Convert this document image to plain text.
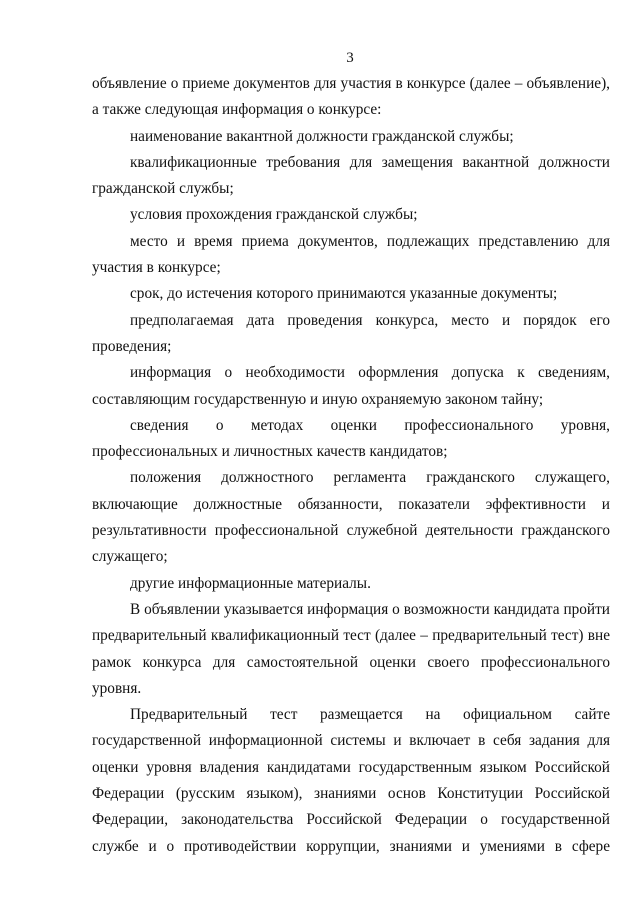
3

объявление о приеме документов для участия в конкурсе (далее – объявление), а также следующая информация о конкурсе:

наименование вакантной должности гражданской службы;

квалификационные требования для замещения вакантной должности гражданской службы;

условия прохождения гражданской службы;

место и время приема документов, подлежащих представлению для участия в конкурсе;

срок, до истечения которого принимаются указанные документы;

предполагаемая дата проведения конкурса, место и порядок его проведения;

информация о необходимости оформления допуска к сведениям, составляющим государственную и иную охраняемую законом тайну;

сведения о методах оценки профессионального уровня, профессиональных и личностных качеств кандидатов;

положения должностного регламента гражданского служащего, включающие должностные обязанности, показатели эффективности и результативности профессиональной служебной деятельности гражданского служащего;

другие информационные материалы.

В объявлении указывается информация о возможности кандидата пройти предварительный квалификационный тест (далее – предварительный тест) вне рамок конкурса для самостоятельной оценки своего профессионального уровня.

Предварительный тест размещается на официальном сайте государственной информационной системы и включает в себя задания для оценки уровня владения кандидатами государственным языком Российской Федерации (русским языком), знаниями основ Конституции Российской Федерации, законодательства Российской Федерации о государственной службе и о противодействии коррупции, знаниями и умениями в сфере
